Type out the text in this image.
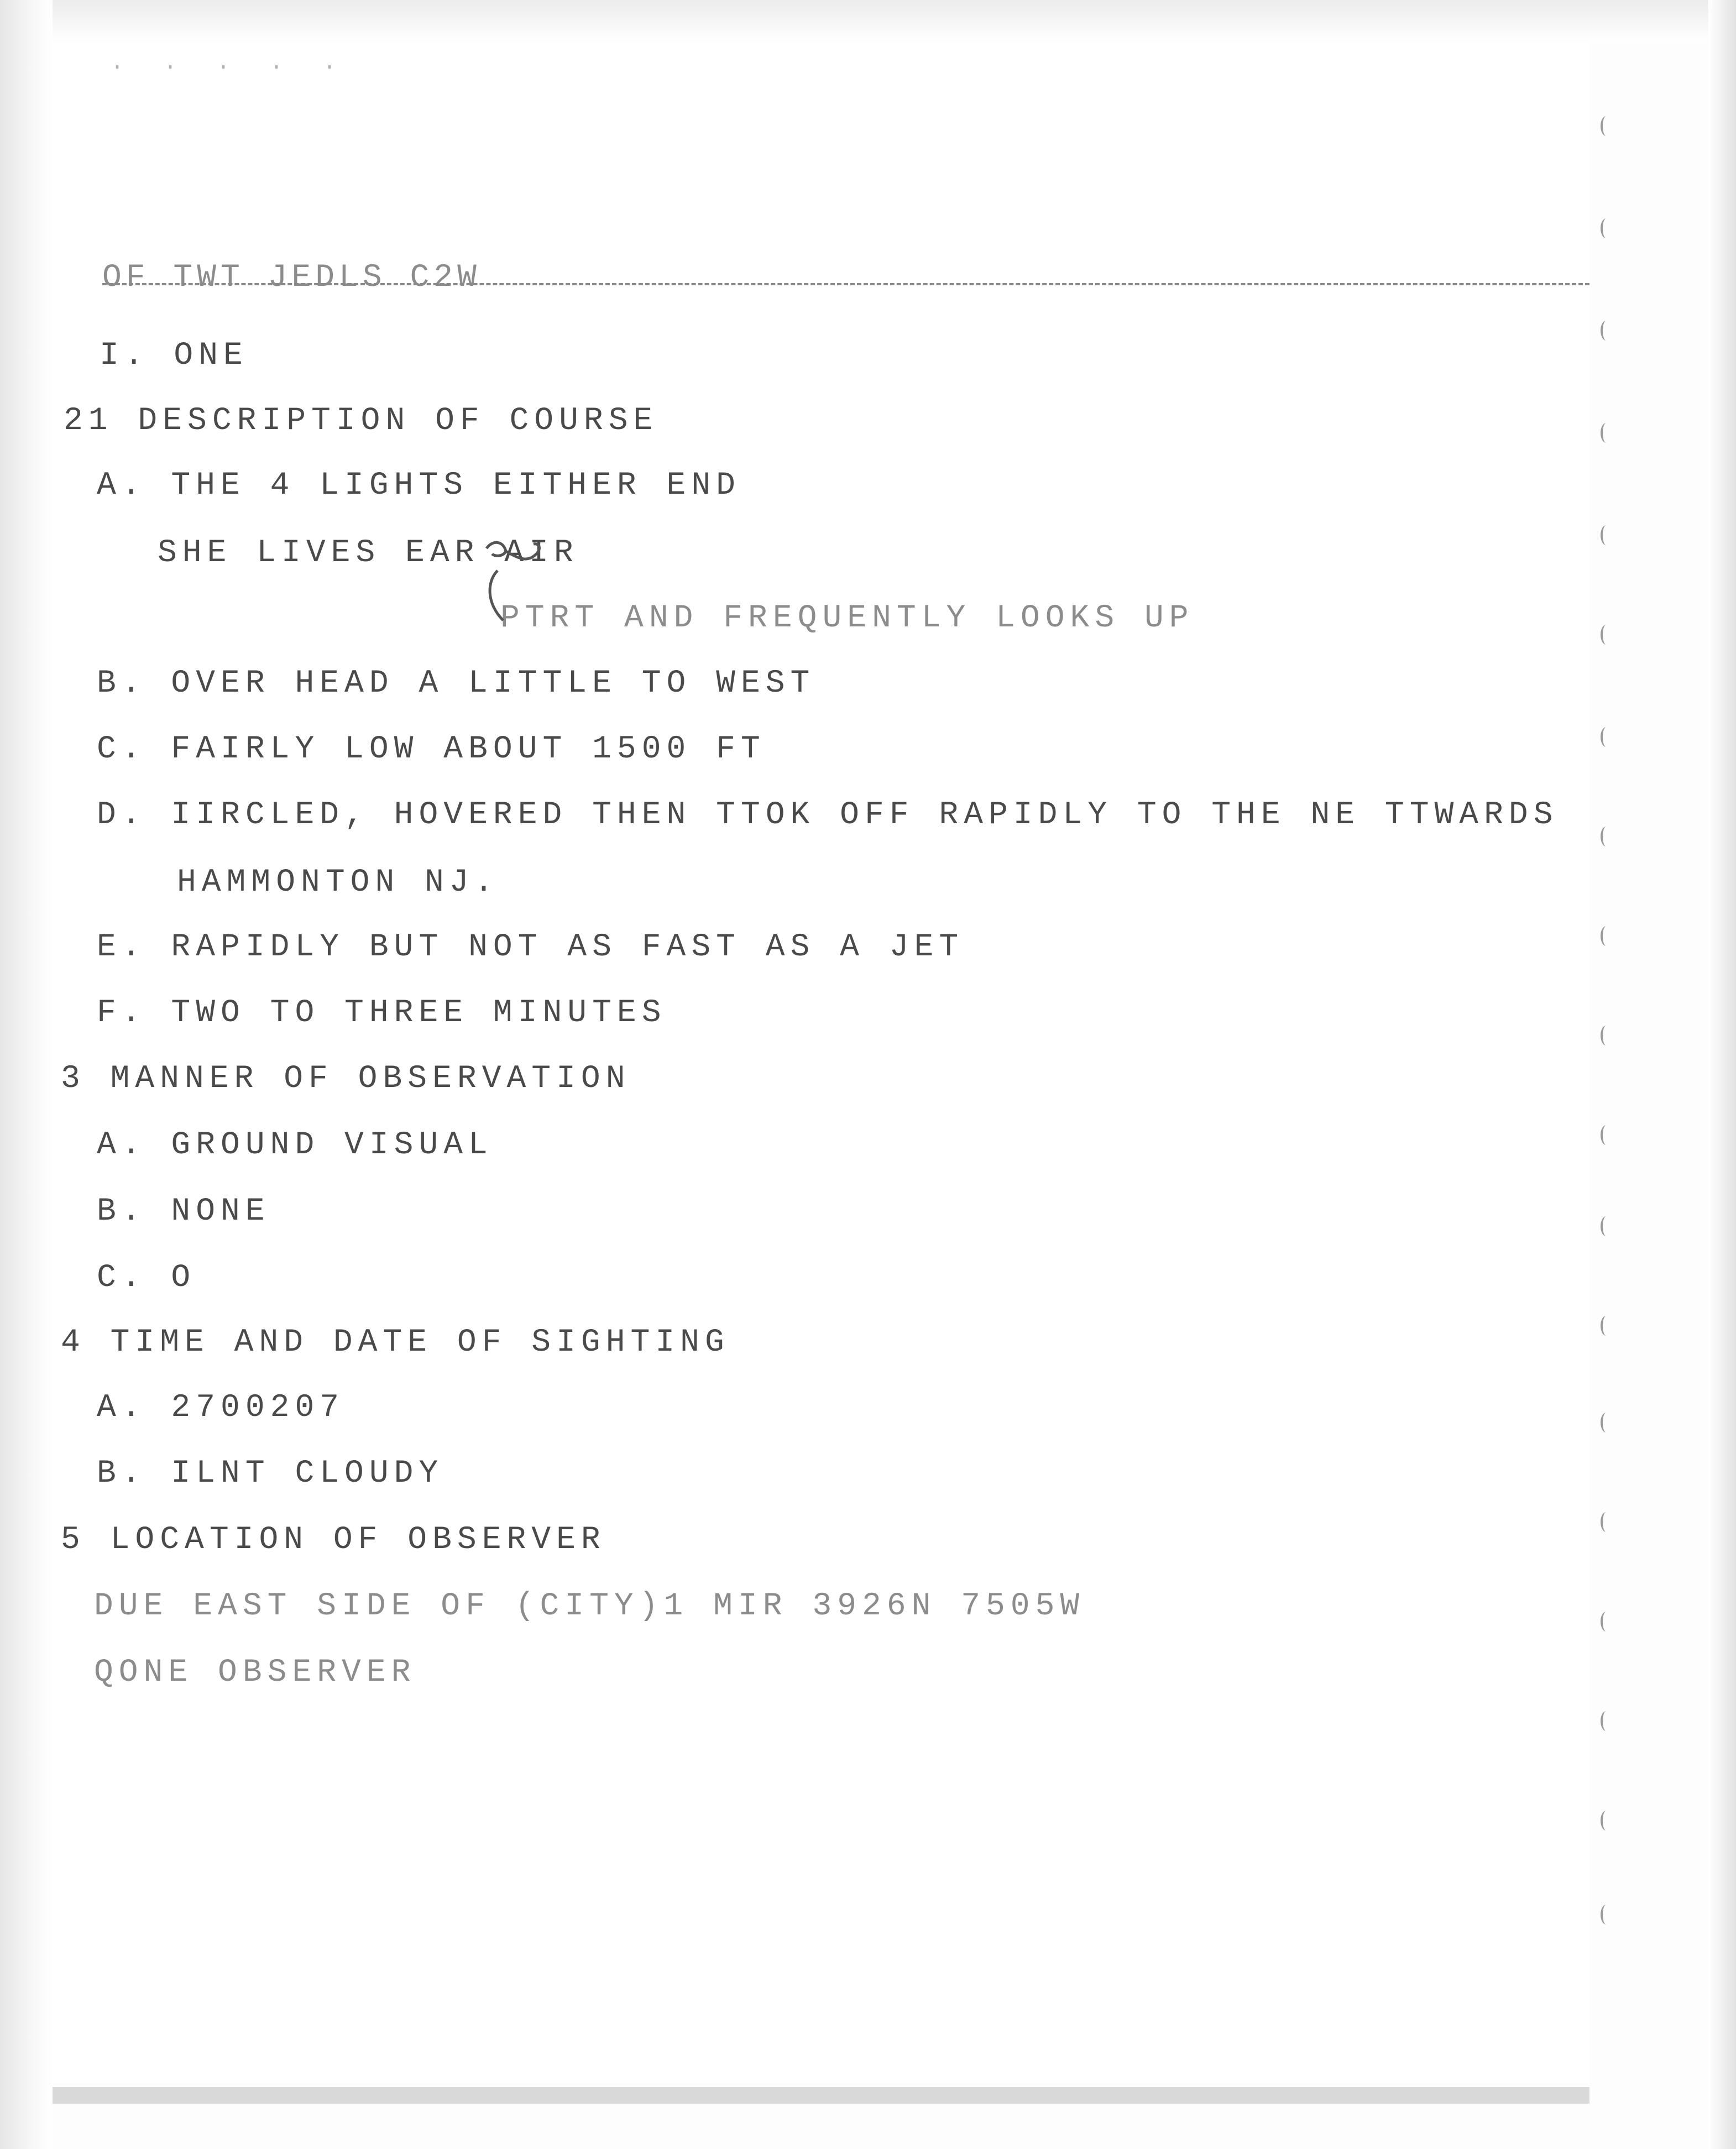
· · · · ·
OF TWT JEDLS C2W
I. ONE
21 DESCRIPTION OF COURSE
A. THE 4 LIGHTS EITHER END
SHE LIVES EAR AIR
PTRT AND FREQUENTLY LOOKS UP
B. OVER HEAD A LITTLE TO WEST
C. FAIRLY LOW ABOUT 1500 FT
D. IIRCLED, HOVERED THEN TTOK OFF RAPIDLY TO THE NE TTWARDS
HAMMONTON NJ.
E. RAPIDLY BUT NOT AS FAST AS A JET
F. TWO TO THREE MINUTES
3 MANNER OF OBSERVATION
A. GROUND VISUAL
B. NONE
C. O
4 TIME AND DATE OF SIGHTING
A. 2700207
B. ILNT CLOUDY
5 LOCATION OF OBSERVER
DUE EAST SIDE OF (CITY)1 MIR 3926N 7505W
QONE OBSERVER
